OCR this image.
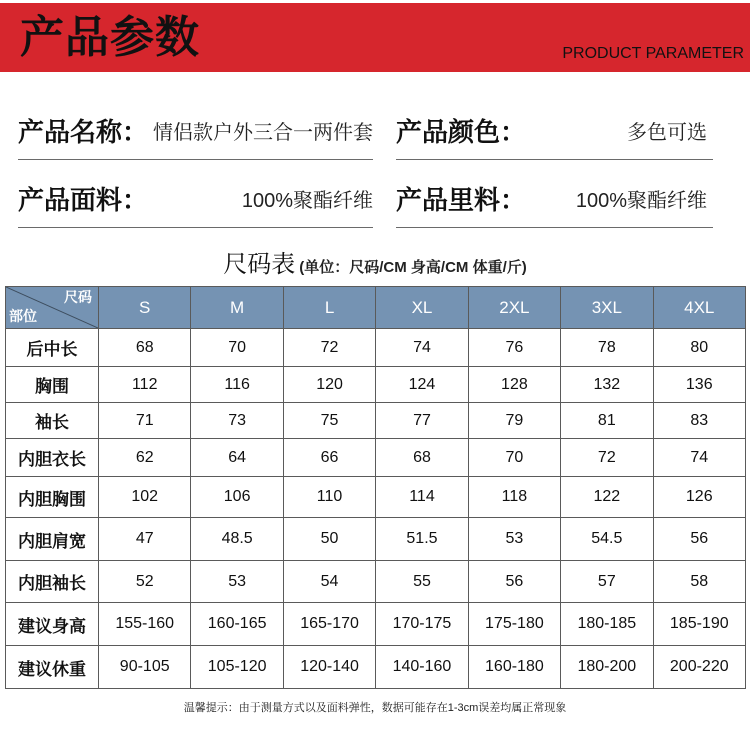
产品参数	PRODUCT PARAMETER
产品名称： 情侣款户外三合一两件套 产品颜色：	多色可选
产品面料：	100%聚酯纤维 产品里料： 100%聚酯纤维
尺码表 (单位：尺码/CM 身高/CM 体重/斤)
尺码
部位	S	M	L	XL	2XL	3XL	4XL
后中长	68	70	72	74	76	78	80
胸围	112	116	120	124	128	132	136
袖长	71	73	75	77	79	81	83
内胆衣长	62	64	66	68	70	72	74
内胆胸围	102	106	110	114	118	122	126
内胆肩宽	47	48.5	50	51.5	53	54.5	56
内胆袖长	52	53	54	55	56	57	58
建议身高	155-160	160-165	165-170	170-175	175-180	180-185	185-190
建议休重	90-105	105-120	120-140	140-160	160-180	180-200	200-220
温馨提示：由于测量方式以及面料弹性，数据可能存在1-3cm误差均属正常现象
